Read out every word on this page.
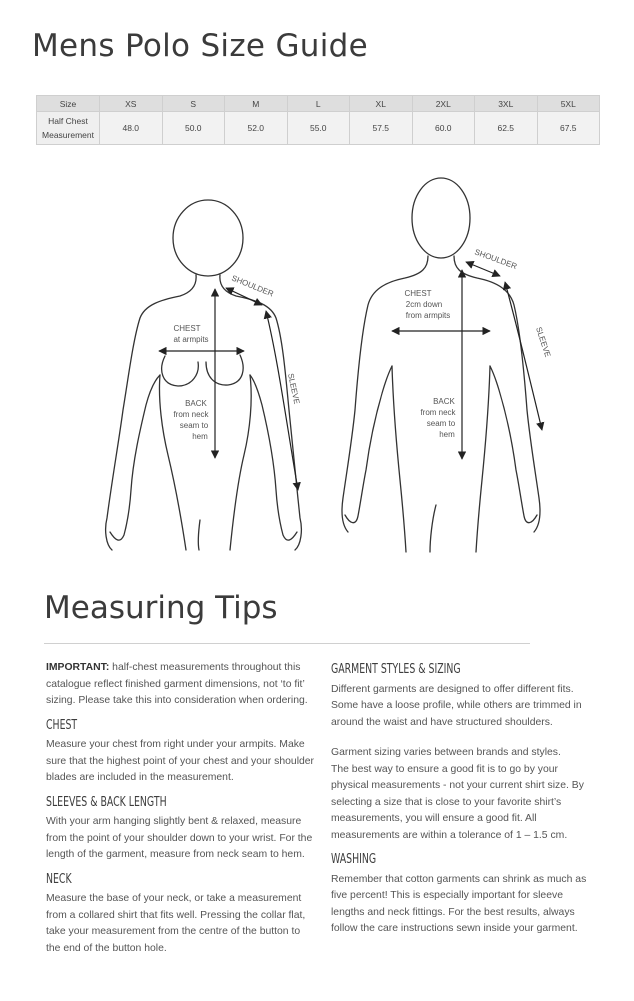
Mens Polo Size Guide
Size	XS	S	M	L	XL	2XL	3XL	5XL
Half Chest
Measurement	48.0	50.0	52.0	55.0	57.5	60.0	62.5	67.5
SHOULDER
CHEST
at armpits
BACK
from neck
seam to
hem
SLEEVE
SHOULDER
CHEST
2cm down
from armpits
BACK
from neck
seam to
hem
SLEEVE
Measuring Tips

IMPORTANT: half-chest measurements throughout this catalogue reflect finished garment dimensions, not ‘to fit’ sizing. Please take this into consideration when ordering.

CHEST

Measure your chest from right under your armpits. Make sure that the highest point of your chest and your shoulder blades are included in the measurement.

SLEEVES & BACK LENGTH

With your arm hanging slightly bent & relaxed, measure from the point of your shoulder down to your wrist. For the length of the garment, measure from neck seam to hem.

NECK

Measure the base of your neck, or take a measurement from a collared shirt that fits well. Pressing the collar flat, take your measurement from the centre of the button to the end of the button hole.

GARMENT STYLES & SIZING

Different garments are designed to offer different fits. Some have a loose profile, while others are trimmed in around the waist and have structured shoulders.

Garment sizing varies between brands and styles.

The best way to ensure a good fit is to go by your physical measurements - not your current shirt size. By selecting a size that is close to your favorite shirt’s measurements, you will ensure a good fit. All measurements are within a tolerance of 1 – 1.5 cm.

WASHING

Remember that cotton garments can shrink as much as five percent! This is especially important for sleeve lengths and neck fittings. For the best results, always follow the care instructions sewn inside your garment.
